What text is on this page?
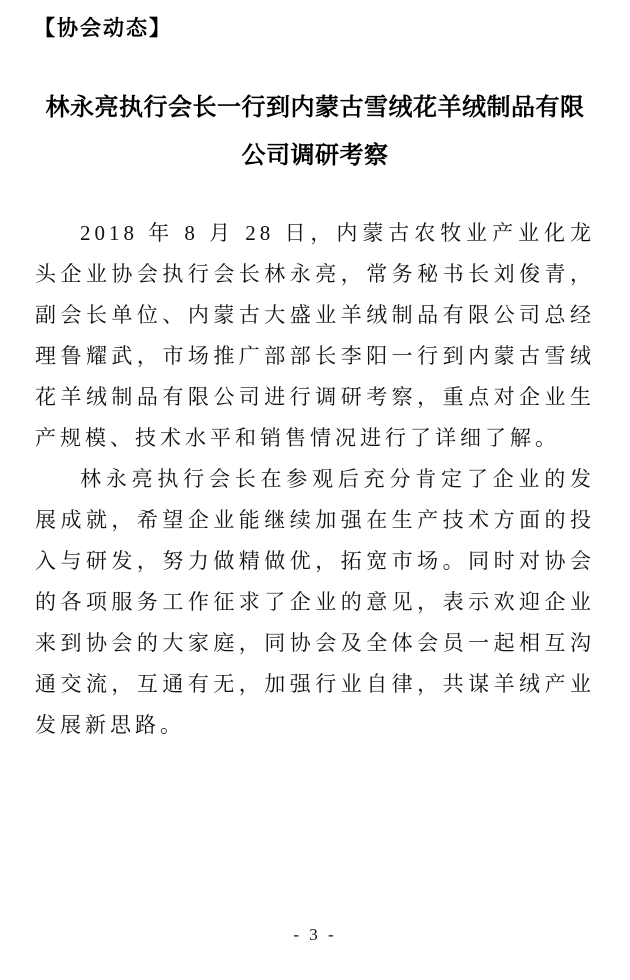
【协会动态】
林永亮执行会长一行到内蒙古雪绒花羊绒制品有限公司调研考察

2018 年 8 月 28 日，内蒙古农牧业产业化龙头企业协会执行会长林永亮，常务秘书长刘俊青，副会长单位、内蒙古大盛业羊绒制品有限公司总经理鲁耀武，市场推广部部长李阳一行到内蒙古雪绒花羊绒制品有限公司进行调研考察，重点对企业生产规模、技术水平和销售情况进行了详细了解。

林永亮执行会长在参观后充分肯定了企业的发展成就，希望企业能继续加强在生产技术方面的投入与研发，努力做精做优，拓宽市场。同时对协会的各项服务工作征求了企业的意见，表示欢迎企业来到协会的大家庭，同协会及全体会员一起相互沟通交流，互通有无，加强行业自律，共谋羊绒产业发展新思路。

- 3 -
